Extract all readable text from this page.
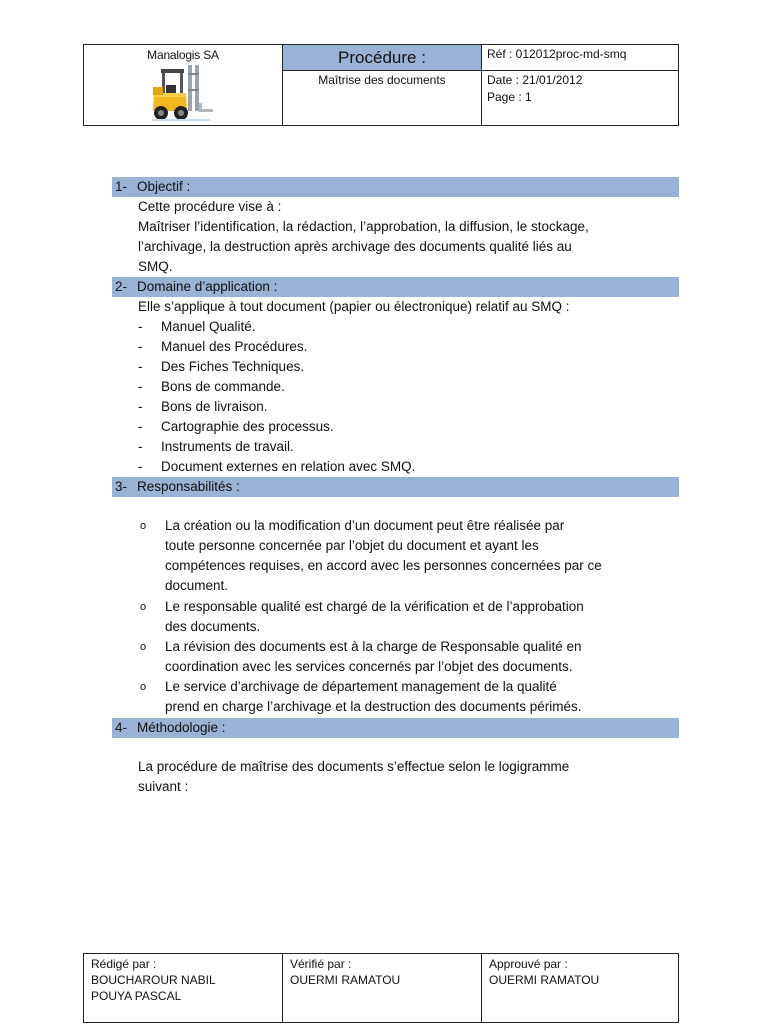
Manalogis SA	Procédure :
Maîtrise des documents
Réf : 012012proc-md-smq
Date : 21/01/2012
Page : 1
1- Objectif :
Cette procédure vise à :
Maîtriser l’identification, la rédaction, l’approbation, la diffusion, le stockage,
l’archivage, la destruction après archivage des documents qualité liés au
SMQ.
2- Domaine d’application :
Elle s’applique à tout document (papier ou électronique) relatif au SMQ :
- Manuel Qualité.
- Manuel des Procédures.
- Des Fiches Techniques.
- Bons de commande.
- Bons de livraison.
- Cartographie des processus.
- Instruments de travail.
- Document externes en relation avec SMQ.
3- Responsabilités :
o La création ou la modification d’un document peut être réalisée par
toute personne concernée par l’objet du document et ayant les
compétences requises, en accord avec les personnes concernées par ce
document.
o Le responsable qualité est chargé de la vérification et de l’approbation
des documents.
o La révision des documents est à la charge de Responsable qualité en
coordination avec les services concernés par l’objet des documents.
o Le service d’archivage de département management de la qualité
prend en charge l’archivage et la destruction des documents périmés.
4- Méthodologie :
La procédure de maîtrise des documents s’effectue selon le logigramme
suivant :
Rédigé par :
BOUCHAROUR NABIL
POUYA PASCAL
Vérifié par :
OUERMI RAMATOU
Approuvé par :
OUERMI RAMATOU
